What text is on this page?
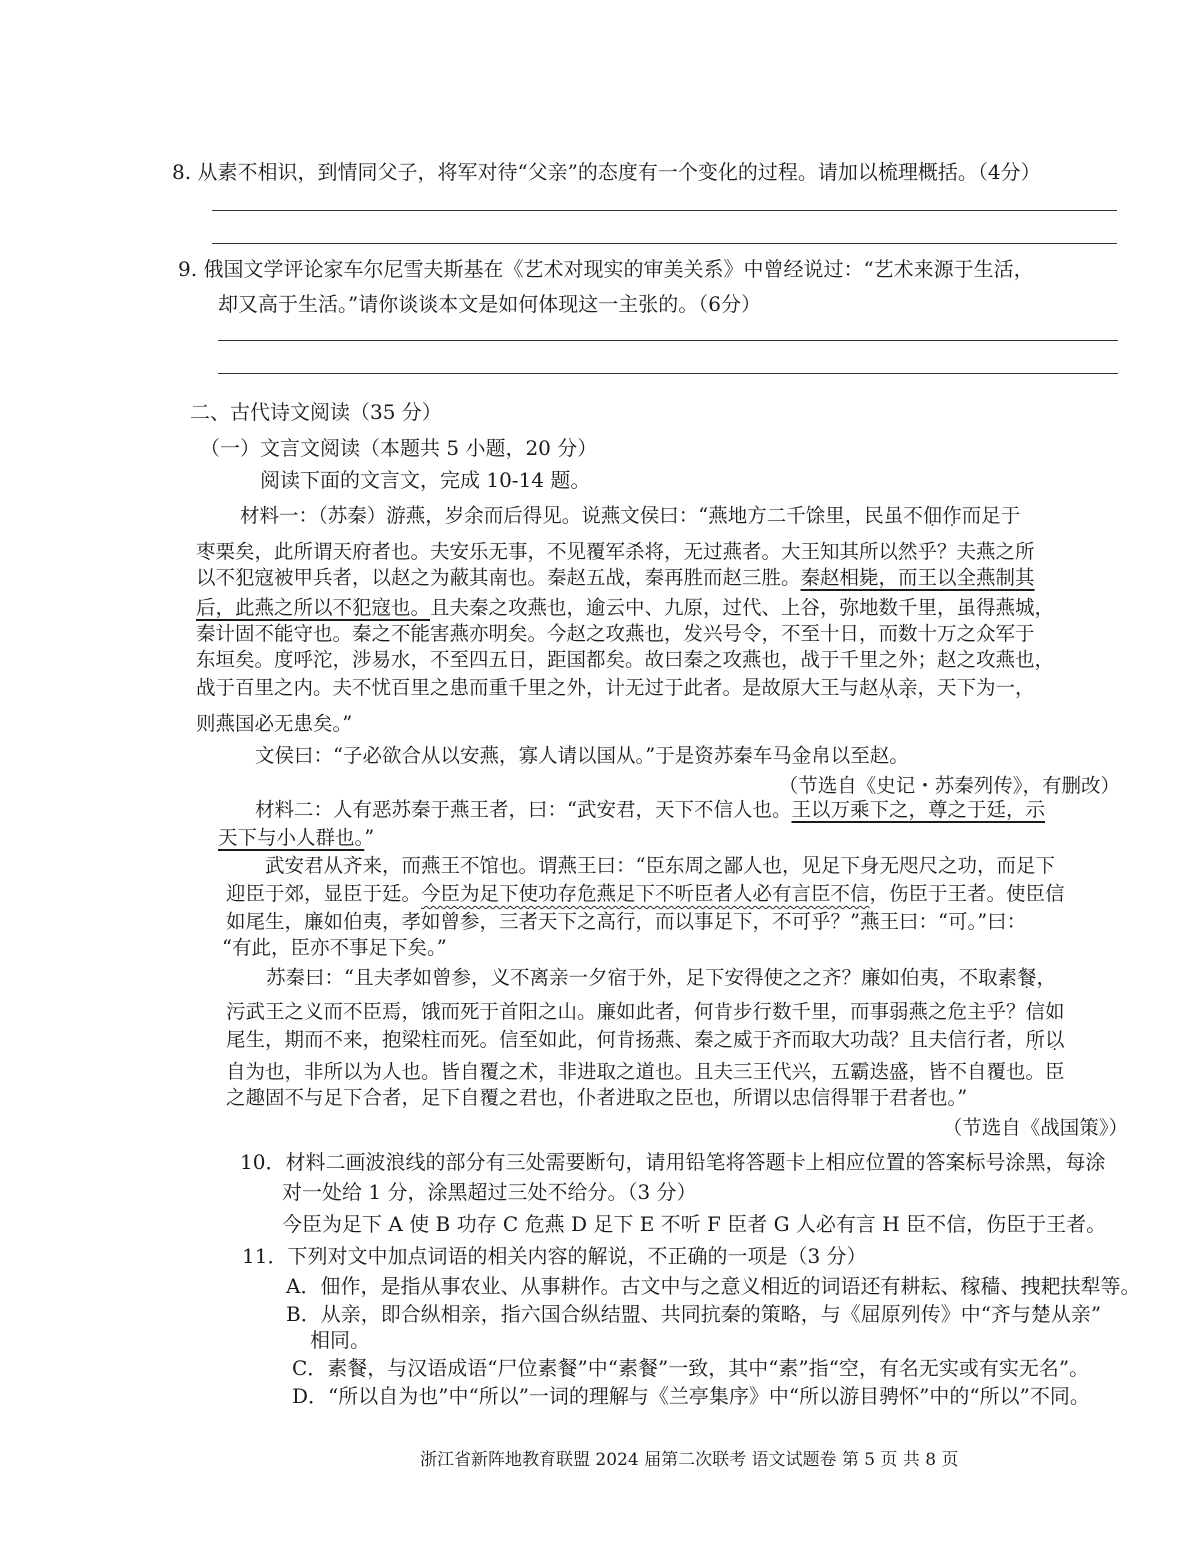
8. 从素不相识，到情同父子，将军对待“父亲”的态度有一个变化的过程。请加以梳理概括。（4分）
9. 俄国文学评论家车尔尼雪夫斯基在《艺术对现实的审美关系》中曾经说过：“艺术来源于生活，
却又高于生活。”请你谈谈本文是如何体现这一主张的。（6分）
二、古代诗文阅读（35 分）
（一）文言文阅读（本题共 5 小题，20 分）
阅读下面的文言文，完成 10-14 题。
材料一：（苏秦）游燕，岁余而后得见。说燕文侯曰：“燕地方二千馀里，民虽不佃作而足于
枣栗矣，此所谓天府者也。夫安乐无事，不见覆军杀将，无过燕者。大王知其所以然乎？夫燕之所
以不犯寇被甲兵者，以赵之为蔽其南也。秦赵五战，秦再胜而赵三胜。秦赵相毙，而王以全燕制其
后，此燕之所以不犯寇也。且夫秦之攻燕也，逾云中、九原，过代、上谷，弥地数千里，虽得燕城，
秦计固不能守也。秦之不能害燕亦明矣。今赵之攻燕也，发兴号令，不至十日，而数十万之众军于
东垣矣。度呼沱，涉易水，不至四五日，距国都矣。故曰秦之攻燕也，战于千里之外；赵之攻燕也，
战于百里之内。夫不忧百里之患而重千里之外，计无过于此者。是故原大王与赵从亲，天下为一，
则燕国必无患矣。”
文侯曰：“子必欲合从以安燕，寡人请以国从。”于是资苏秦车马金帛以至赵。
（节选自《史记・苏秦列传》，有删改）
材料二：人有恶苏秦于燕王者，曰：“武安君，天下不信人也。王以万乘下之，尊之于廷，示
天下与小人群也。”
武安君从齐来，而燕王不馆也。谓燕王曰：“臣东周之鄙人也，见足下身无咫尺之功，而足下
迎臣于郊，显臣于廷。今臣为足下使功存危燕足下不听臣者人必有言臣不信，伤臣于王者。使臣信
如尾生，廉如伯夷，孝如曾参，三者天下之高行，而以事足下，不可乎？”燕王曰：“可。”曰：
“有此，臣亦不事足下矣。”
苏秦曰：“且夫孝如曾参，义不离亲一夕宿于外，足下安得使之之齐？廉如伯夷，不取素餐，
污武王之义而不臣焉，饿而死于首阳之山。廉如此者，何肯步行数千里，而事弱燕之危主乎？信如
尾生，期而不来，抱梁柱而死。信至如此，何肯扬燕、秦之威于齐而取大功哉？且夫信行者，所以
自为也，非所以为人也。皆自覆之术，非进取之道也。且夫三王代兴，五霸迭盛，皆不自覆也。臣
之趣固不与足下合者，足下自覆之君也，仆者进取之臣也，所谓以忠信得罪于君者也。”
（节选自《战国策》）
10．材料二画波浪线的部分有三处需要断句，请用铅笔将答题卡上相应位置的答案标号涂黑，每涂
对一处给 1 分，涂黑超过三处不给分。（3 分）
今臣为足下 A 使 B 功存 C 危燕 D 足下 E 不听 F 臣者 G 人必有言 H 臣不信，伤臣于王者。
11．下列对文中加点词语的相关内容的解说，不正确的一项是（3 分）
A．佃作，是指从事农业、从事耕作。古文中与之意义相近的词语还有耕耘、稼穑、拽耙扶犁等。
B．从亲，即合纵相亲，指六国合纵结盟、共同抗秦的策略，与《屈原列传》中“齐与楚从亲”
相同。
C．素餐，与汉语成语“尸位素餐”中“素餐”一致，其中“素”指“空，有名无实或有实无名”。
D．“所以自为也”中“所以”一词的理解与《兰亭集序》中“所以游目骋怀”中的“所以”不同。
浙江省新阵地教育联盟 2024 届第二次联考 语文试题卷 第 5 页 共 8 页
